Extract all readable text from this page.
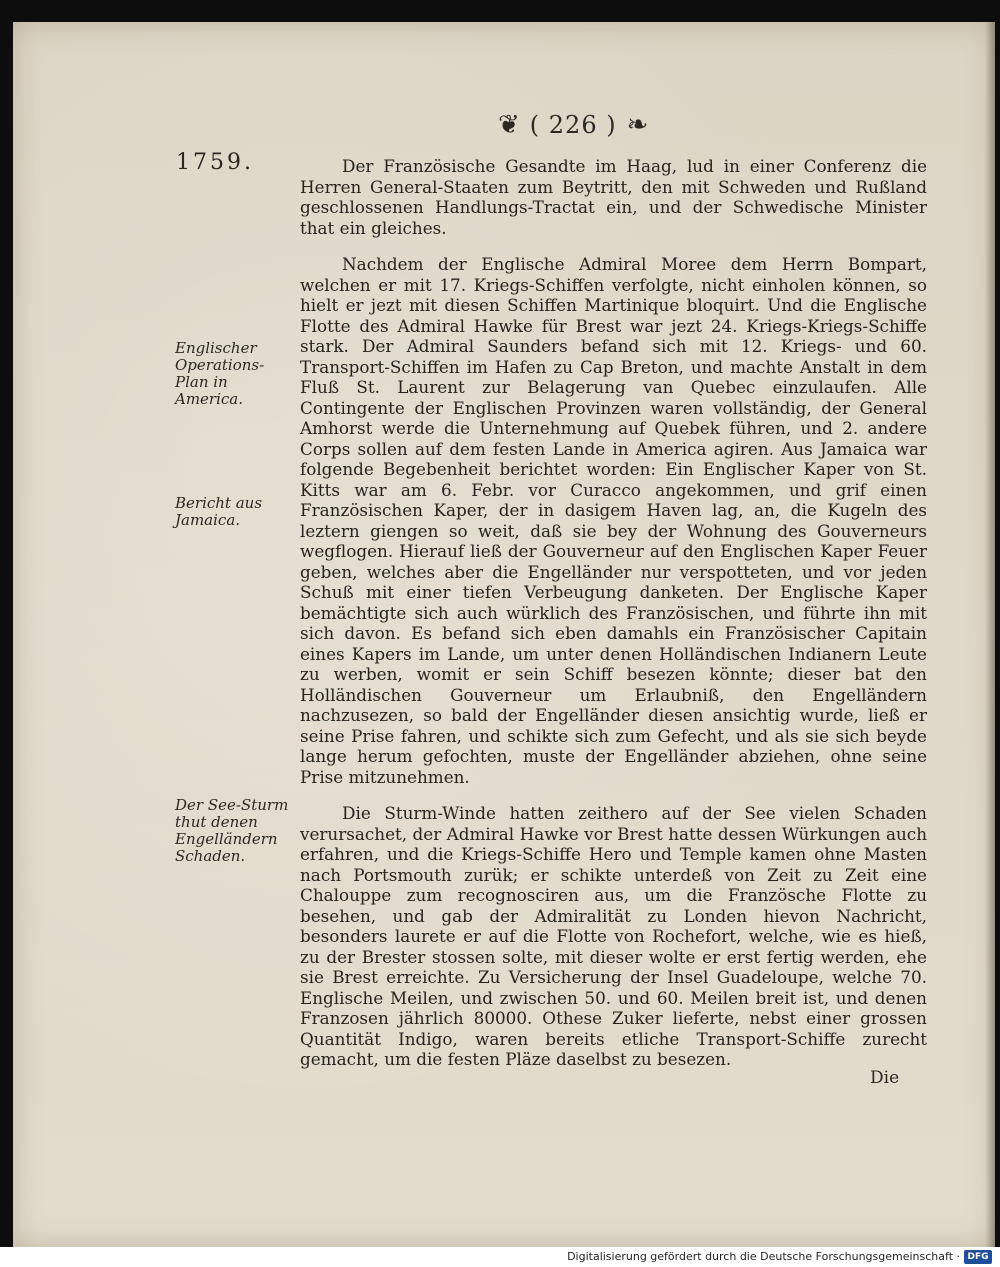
❦ ( 226 ) ❧
1759.
Englischer Operations-Plan in America.
Bericht aus Jamaica.
Der See-Sturm thut denen Engelländern Schaden.

Der Französische Gesandte im Haag, lud in einer Conferenz die Herren General-Staaten zum Beytritt, den mit Schweden und Rußland geschlossenen Handlungs-Tractat ein, und der Schwedische Minister that ein gleiches.

Nachdem der Englische Admiral Moree dem Herrn Bompart, welchen er mit 17. Kriegs-Schiffen verfolgte, nicht einholen können, so hielt er jezt mit diesen Schiffen Martinique bloquirt. Und die Englische Flotte des Admiral Hawke für Brest war jezt 24. Kriegs-Kriegs-Schiffe stark. Der Admiral Saunders befand sich mit 12. Kriegs- und 60. Transport-Schiffen im Hafen zu Cap Breton, und machte Anstalt in dem Fluß St. Laurent zur Belagerung van Quebec einzulaufen. Alle Contingente der Englischen Provinzen waren vollständig, der General Amhorst werde die Unternehmung auf Quebek führen, und 2. andere Corps sollen auf dem festen Lande in America agiren. Aus Jamaica war folgende Begebenheit berichtet worden: Ein Englischer Kaper von St. Kitts war am 6. Febr. vor Curacco angekommen, und grif einen Französischen Kaper, der in dasigem Haven lag, an, die Kugeln des leztern giengen so weit, daß sie bey der Wohnung des Gouverneurs wegflogen. Hierauf ließ der Gouverneur auf den Englischen Kaper Feuer geben, welches aber die Engelländer nur verspotteten, und vor jeden Schuß mit einer tiefen Verbeugung danketen. Der Englische Kaper bemächtigte sich auch würklich des Französischen, und führte ihn mit sich davon. Es befand sich eben damahls ein Französischer Capitain eines Kapers im Lande, um unter denen Holländischen Indianern Leute zu werben, womit er sein Schiff besezen könnte; dieser bat den Holländischen Gouverneur um Erlaubniß, den Engelländern nachzusezen, so bald der Engelländer diesen ansichtig wurde, ließ er seine Prise fahren, und schikte sich zum Gefecht, und als sie sich beyde lange herum gefochten, muste der Engelländer abziehen, ohne seine Prise mitzunehmen.

Die Sturm-Winde hatten zeithero auf der See vielen Schaden verursachet, der Admiral Hawke vor Brest hatte dessen Würkungen auch erfahren, und die Kriegs-Schiffe Hero und Temple kamen ohne Masten nach Portsmouth zurük; er schikte unterdeß von Zeit zu Zeit eine Chalouppe zum recognosciren aus, um die Französche Flotte zu besehen, und gab der Admiralität zu Londen hievon Nachricht, besonders laurete er auf die Flotte von Rochefort, welche, wie es hieß, zu der Brester stossen solte, mit dieser wolte er erst fertig werden, ehe sie Brest erreichte. Zu Versicherung der Insel Guadeloupe, welche 70. Englische Meilen, und zwischen 50. und 60. Meilen breit ist, und denen Franzosen jährlich 80000. Othese Zuker lieferte, nebst einer grossen Quantität Indigo, waren bereits etliche Transport-Schiffe zurecht gemacht, um die festen Pläze daselbst zu besezen.

Die
Digitalisierung gefördert durch die Deutsche Forschungsgemeinschaft · DFG
